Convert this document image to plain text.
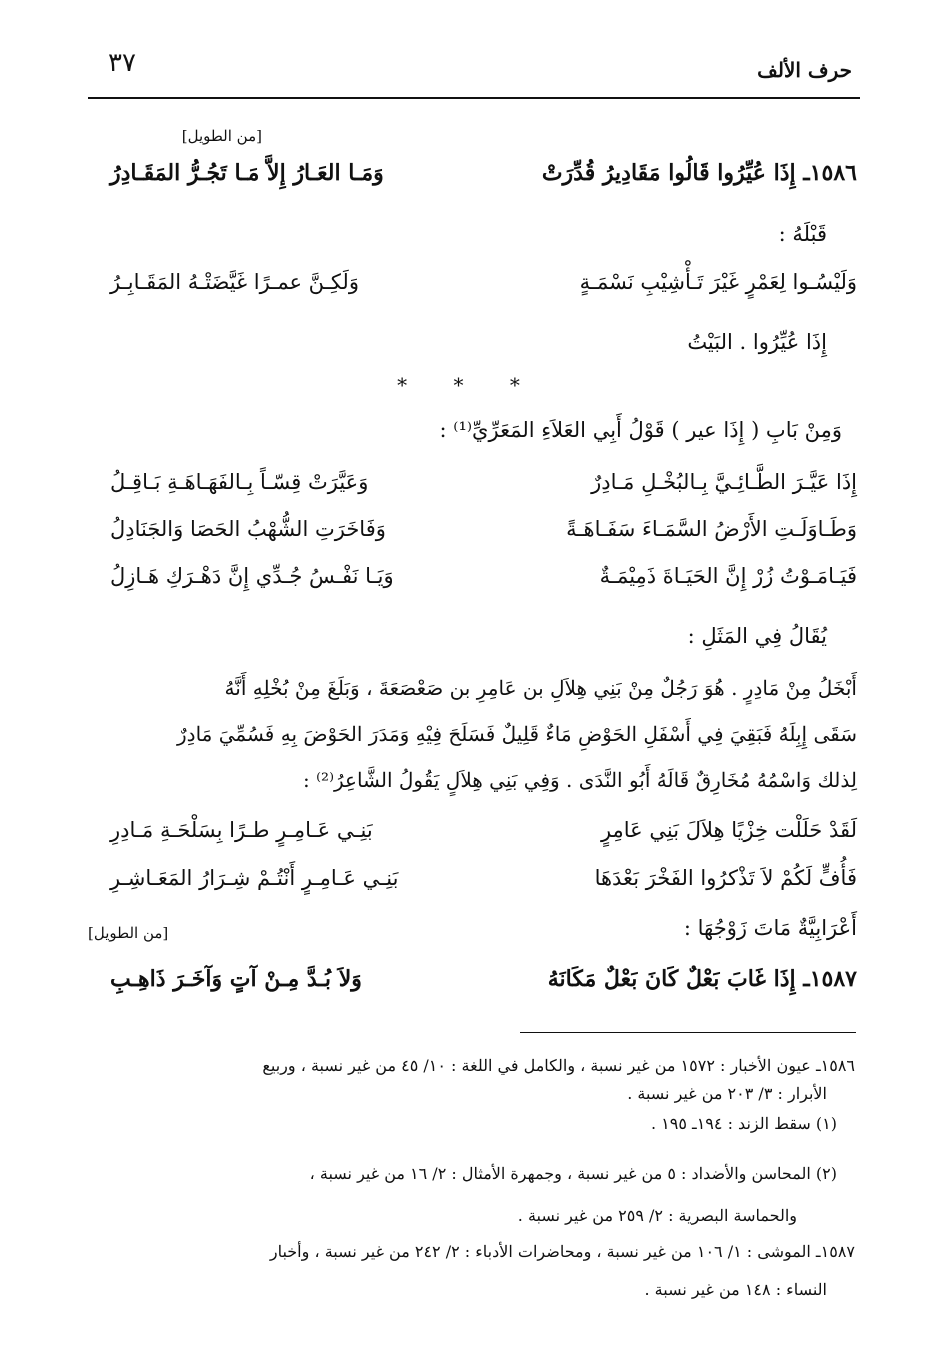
حرف الألف
٣٧
[من الطويل]
١٥٨٦ـ إِذَا عُيِّرُوا قَالُوا مَقَادِيرُ قُدِّرَتْ
وَمَـا العَـارُ إِلاَّ مَـا تَجُـرُّ المَقَـادِرُ
قَبْلَهُ :
وَلَيْسُـوا لِعَمْرٍ غَيْرَ تَـأْشِيْبِ نَسْمَـةٍ
وَلَكِـنَّ عمـرًا غَيَّضَتْـهُ المَقَـابِـرُ
إِذَا عُيِّرُوا . البَيْتُ
* * *
وَمِنْ بَابِ ( إِذَا عير ) قَوْلُ أَبِي العَلاَءِ المَعَرِّيِّ⁽¹⁾ :
إِذَا عَيَّـرَ الطَّـائِـيَّ بِـالبُخْـلِ مَـادِرٌ
وَعَيَّرَتْ قِسّـاً بِـالفَهَـاهَـةِ بَـاقِـلُ
وَطَـاوَلَـتِ الأَرْضُ السَّمَـاءَ سَفَـاهَـةً
وَفَاخَرَتِ الشُّهْبُ الحَصَا وَالجَنَادِلُ
فَيَـامَـوْتُ زُرْ إِنَّ الحَيَـاةَ ذَمِيْمَـةٌ
وَيَـا نَفْـسُ جُـدِّي إِنَّ دَهْـرَكِ هَـازِلُ
يُقَالُ فِي المَثَلِ :
أَبْخَلُ مِنْ مَادِرٍ . هُوَ رَجُلٌ مِنْ بَنِي هِلاَلِ بن عَامِرِ بن صَعْصَعَةَ ، وَبَلَغَ مِنْ بُخْلِهِ أَنَّهُ
سَقَى إِبِلَهُ فَبَقِيَ فِي أَسْفَلِ الحَوْضِ مَاءٌ قَلِيلٌ فَسَلَحَ فِيْهِ وَمَدَرَ الحَوْضَ بِهِ فَسُمِّيَ مَادِرٌ
لِذلك وَاسْمُهُ مُخَارِقٌ قَالَهُ أَبُو النَّدَى . وَفِي بَنِي هِلاَلٍ يَقُولُ الشَّاعِرُ⁽²⁾ :
لَقَدْ حَلَلْت خِزْيًا هِلاَلَ بَنِي عَامِرٍ
بَنِـي عَـامِـرٍ طـرًا بِسَلْحَـةِ مَـادِرِ
فَأُفٍّ لَكُمْ لاَ تَذْكرُوا الفَخْرَ بَعْدَهَا
بَنِـي عَـامِـرٍ أَنْتُـمْ شِـرَارُ المَعَـاشِـرِ
أَعْرَابِيَّةٌ مَاتَ زَوْجُهَا :
[من الطويل]
١٥٨٧ـ إِذَا غَابَ بَعْلٌ كَانَ بَعْلٌ مَكَانَهُ
وَلاَ بُـدَّ مِـنْ آتٍ وَآخَـرَ ذَاهِـبِ
١٥٨٦ـ عيون الأخبار : ١٥٧٢ من غير نسبة ، والكامل في اللغة : ١٠/ ٤٥ من غير نسبة ، وربيع
الأبرار : ٣/ ٢٠٣ من غير نسبة .
(١) سقط الزند : ١٩٤ـ ١٩٥ .
(٢) المحاسن والأضداد : ٥ من غير نسبة ، وجمهرة الأمثال : ٢/ ١٦ من غير نسبة ،
والحماسة البصرية : ٢/ ٢٥٩ من غير نسبة .
١٥٨٧ـ الموشى : ١/ ١٠٦ من غير نسبة ، ومحاضرات الأدباء : ٢/ ٢٤٢ من غير نسبة ، وأخبار
النساء : ١٤٨ من غير نسبة .
